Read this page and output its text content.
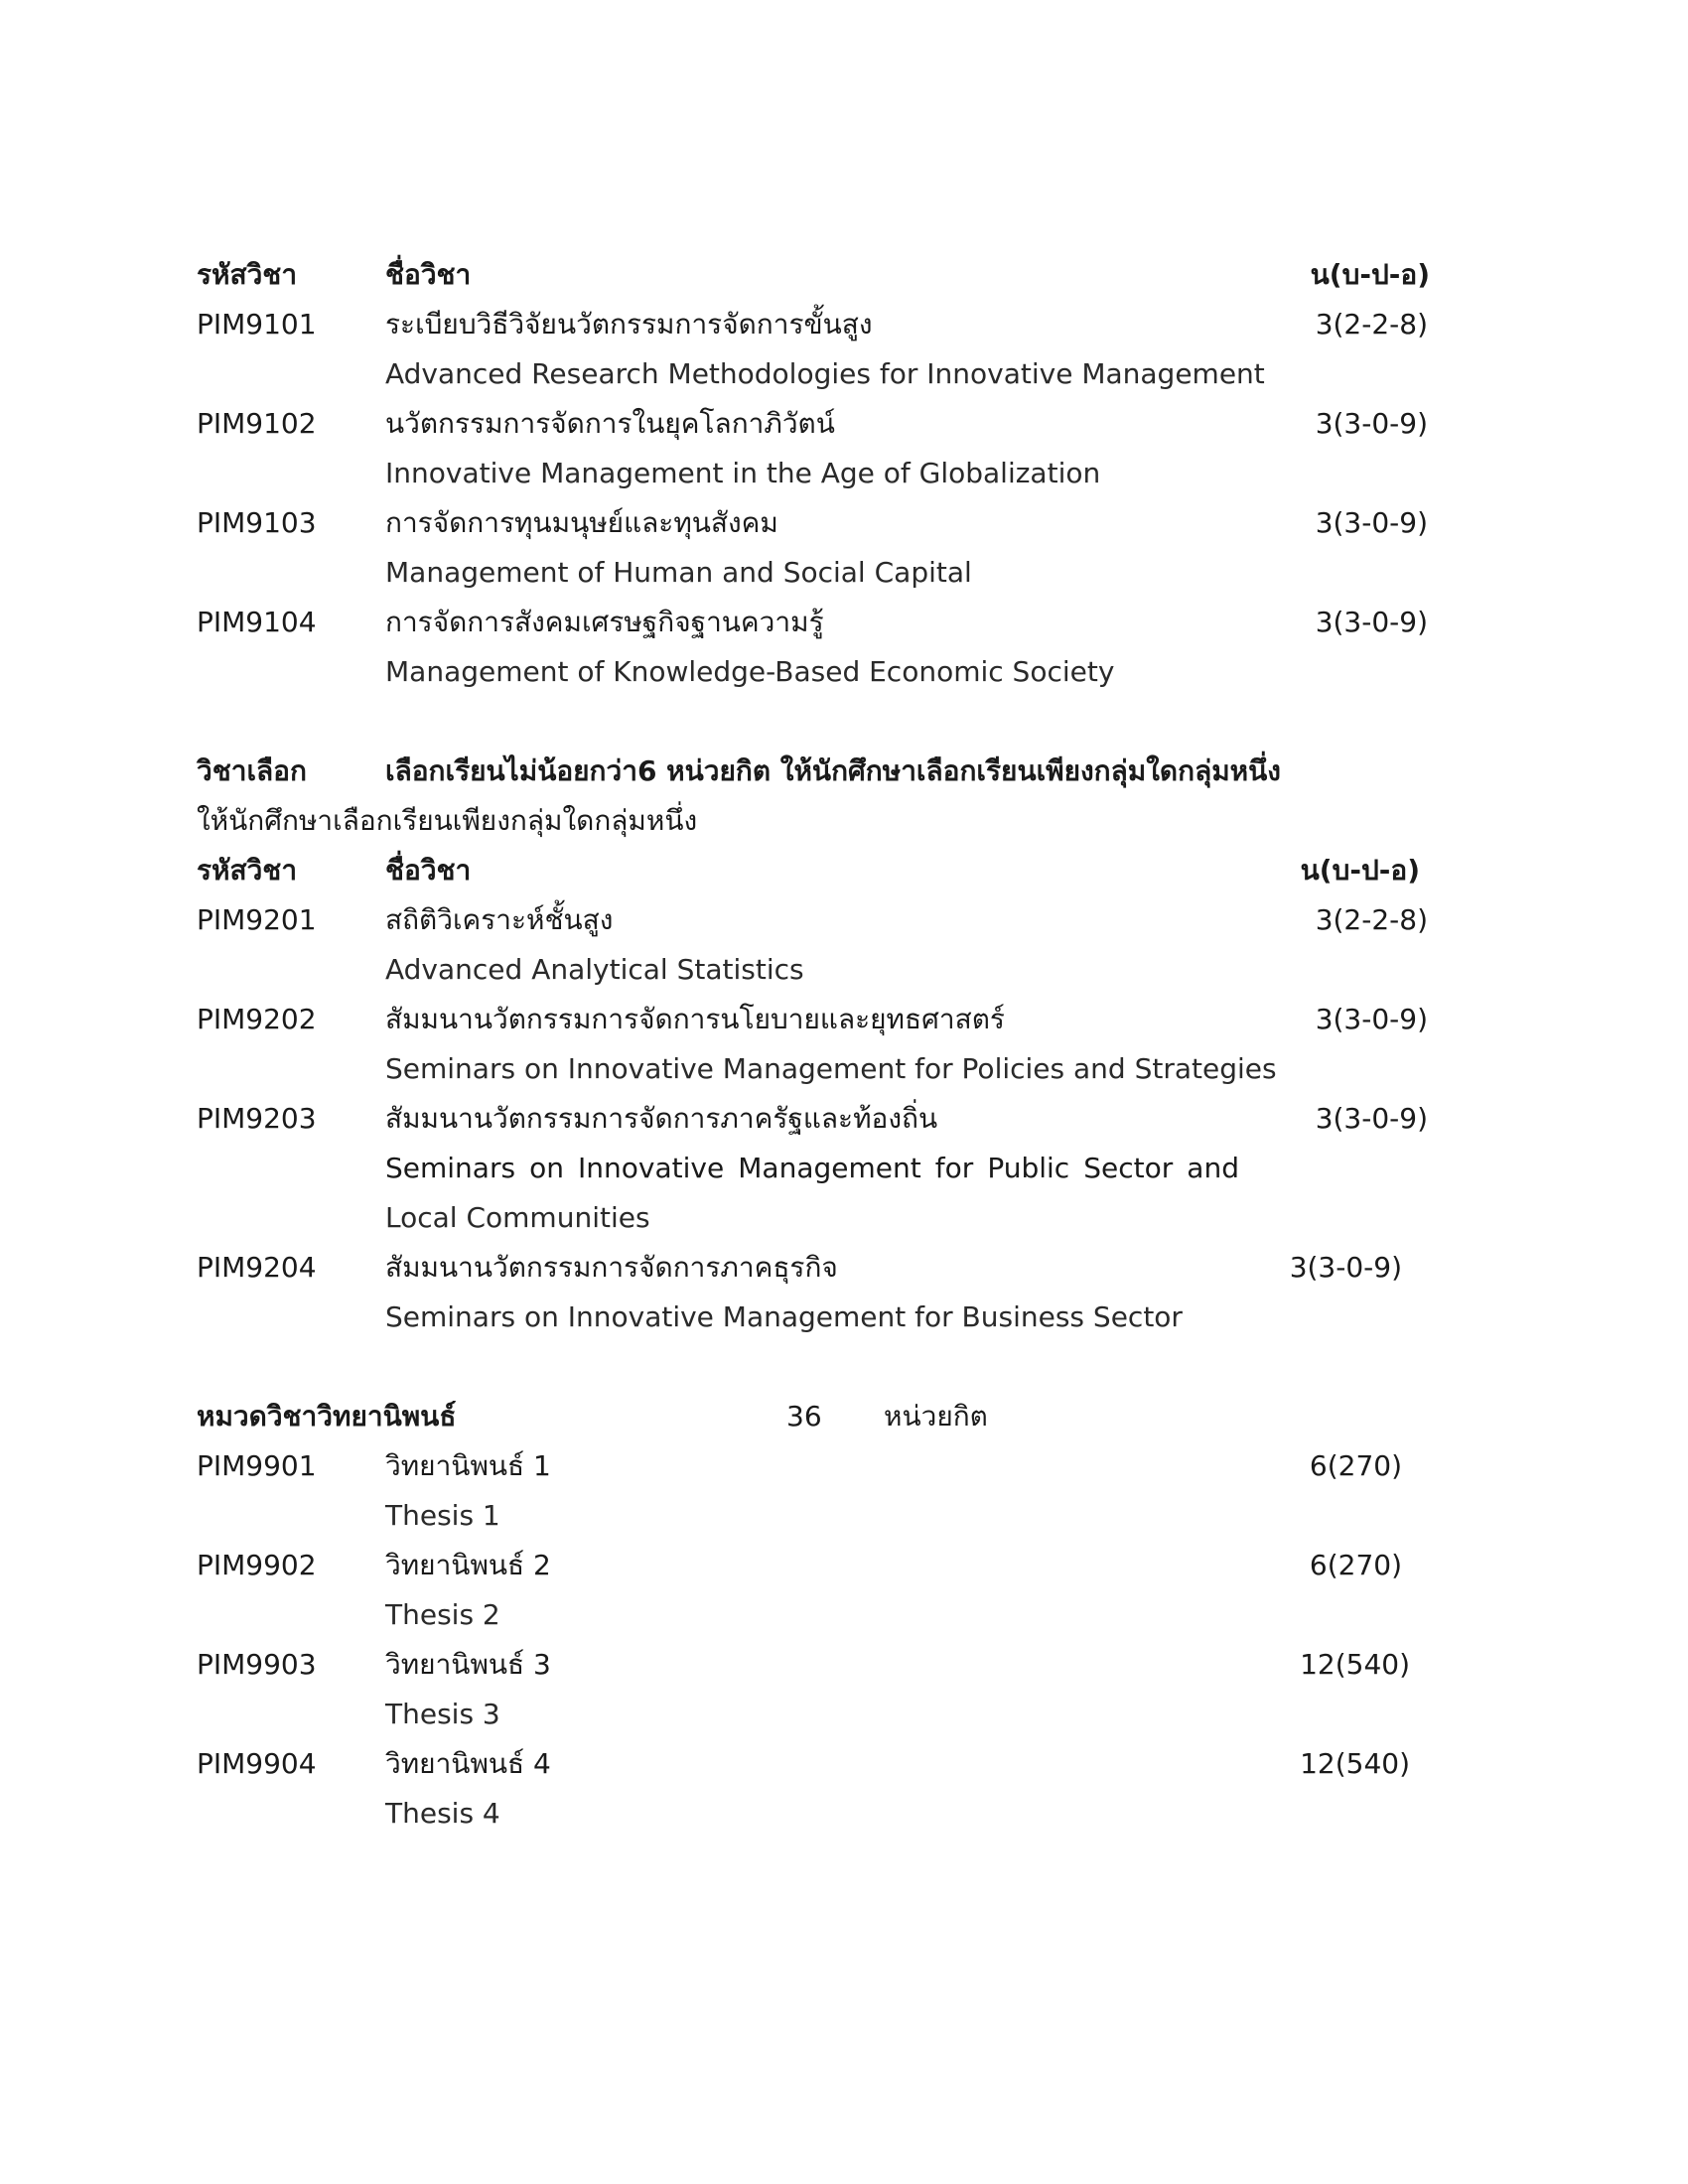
รหัสวิชา	ชื่อวิชา	น(บ-ป-อ)
PIM9101 ระเบียบวิธีวิจัยนวัตกรรมการจัดการขั้นสูง	3(2-2-8)
Advanced Research Methodologies for Innovative Management
PIM9102 นวัตกรรมการจัดการในยุคโลกาภิวัตน์	3(3-0-9)
Innovative Management in the Age of Globalization
PIM9103 การจัดการทุนมนุษย์และทุนสังคม	3(3-0-9)
Management of Human and Social Capital
PIM9104 การจัดการสังคมเศรษฐกิจฐานความรู้	3(3-0-9)
Management of Knowledge-Based Economic Society
วิชาเลือก	เลือกเรียนไม่น้อยกว่า6 หน่วยกิต ให้นักศึกษาเลือกเรียนเพียงกลุ่มใดกลุ่มหนึ่ง
ให้นักศึกษาเลือกเรียนเพียงกลุ่มใดกลุ่มหนึ่ง
รหัสวิชา	ชื่อวิชา	น(บ-ป-อ)
PIM9201 สถิติวิเคราะห์ชั้นสูง	3(2-2-8)
Advanced Analytical Statistics
PIM9202 สัมมนานวัตกรรมการจัดการนโยบายและยุทธศาสตร์	3(3-0-9)
Seminars on Innovative Management for Policies and Strategies
PIM9203 สัมมนานวัตกรรมการจัดการภาครัฐและท้องถิ่น	3(3-0-9)
Seminars on Innovative Management for Public Sector and
Local Communities
PIM9204 สัมมนานวัตกรรมการจัดการภาคธุรกิจ	3(3-0-9)
Seminars on Innovative Management for Business Sector
หมวดวิชาวิทยานิพนธ์	36 หน่วยกิต
PIM9901 วิทยานิพนธ์ 1	6(270)
Thesis 1
PIM9902 วิทยานิพนธ์ 2	6(270)
Thesis 2
PIM9903 วิทยานิพนธ์ 3	12(540)
Thesis 3
PIM9904 วิทยานิพนธ์ 4	12(540)
Thesis 4
